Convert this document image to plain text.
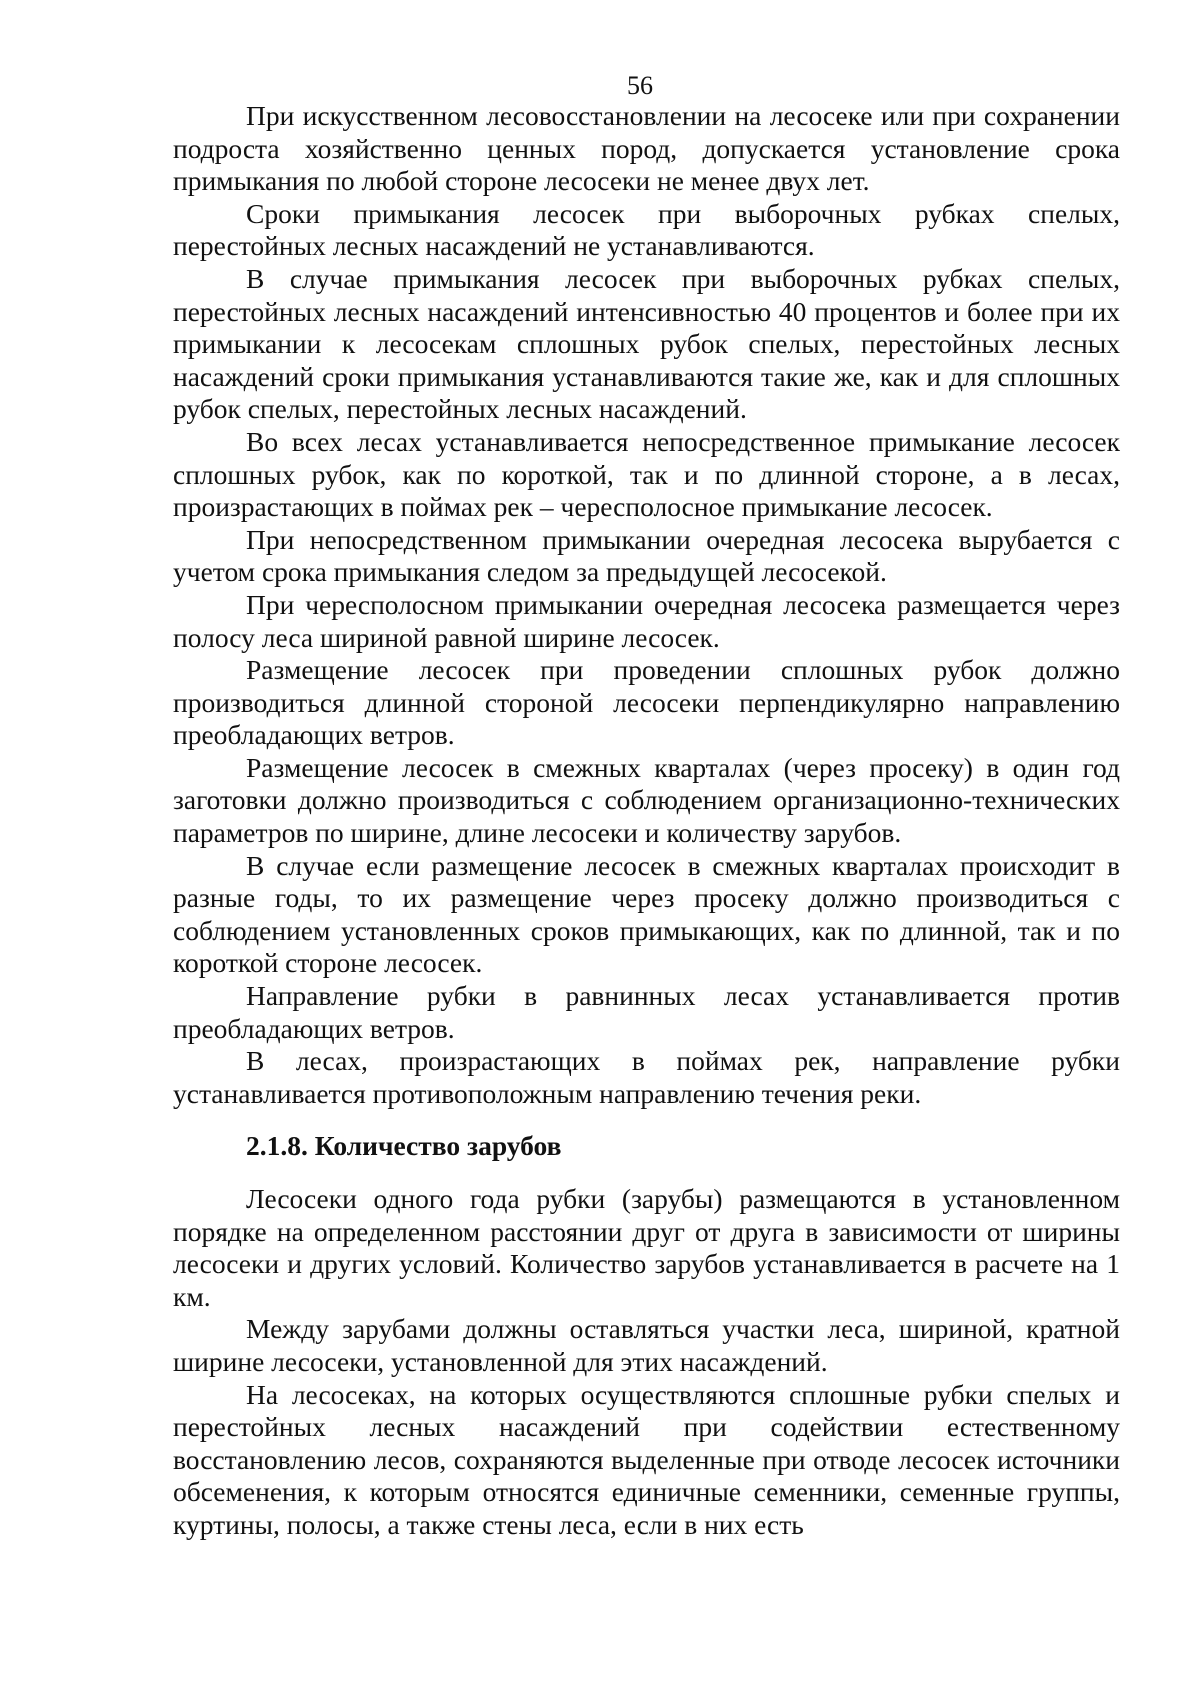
56

При искусственном лесовосстановлении на лесосеке или при сохранении подроста хозяйственно ценных пород, допускается установление срока примыкания по любой стороне лесосеки не менее двух лет.

Сроки примыкания лесосек при выборочных рубках спелых, перестойных лесных насаждений не устанавливаются.

В случае примыкания лесосек при выборочных рубках спелых, перестойных лесных насаждений интенсивностью 40 процентов и более при их примыкании к лесосекам сплошных рубок спелых, перестойных лесных насаждений сроки примыкания устанавливаются такие же, как и для сплошных рубок спелых, перестойных лесных насаждений.

Во всех лесах устанавливается непосредственное примыкание лесосек сплошных рубок, как по короткой, так и по длинной стороне, а в лесах, произрастающих в поймах рек – чересполосное примыкание лесосек.

При непосредственном примыкании очередная лесосека вырубается с учетом срока примыкания следом за предыдущей лесосекой.

При чересполосном примыкании очередная лесосека размещается через полосу леса шириной равной ширине лесосек.

Размещение лесосек при проведении сплошных рубок должно производиться длинной стороной лесосеки перпендикулярно направлению преобладающих ветров.

Размещение лесосек в смежных кварталах (через просеку) в один год заготовки должно производиться с соблюдением организационно-технических параметров по ширине, длине лесосеки и количеству зарубов.

В случае если размещение лесосек в смежных кварталах происходит в разные годы, то их размещение через просеку должно производиться с соблюдением установленных сроков примыкающих, как по длинной, так и по короткой стороне лесосек.

Направление рубки в равнинных лесах устанавливается против преобладающих ветров.

В лесах, произрастающих в поймах рек, направление рубки устанавливается противоположным направлению течения реки.

2.1.8. Количество зарубов

Лесосеки одного года рубки (зарубы) размещаются в установленном порядке на определенном расстоянии друг от друга в зависимости от ширины лесосеки и других условий. Количество зарубов устанавливается в расчете на 1 км.

Между зарубами должны оставляться участки леса, шириной, кратной ширине лесосеки, установленной для этих насаждений.

На лесосеках, на которых осуществляются сплошные рубки спелых и перестойных лесных насаждений при содействии естественному восстановлению лесов, сохраняются выделенные при отводе лесосек источники обсеменения, к которым относятся единичные семенники, семенные группы, куртины, полосы, а также стены леса, если в них есть
